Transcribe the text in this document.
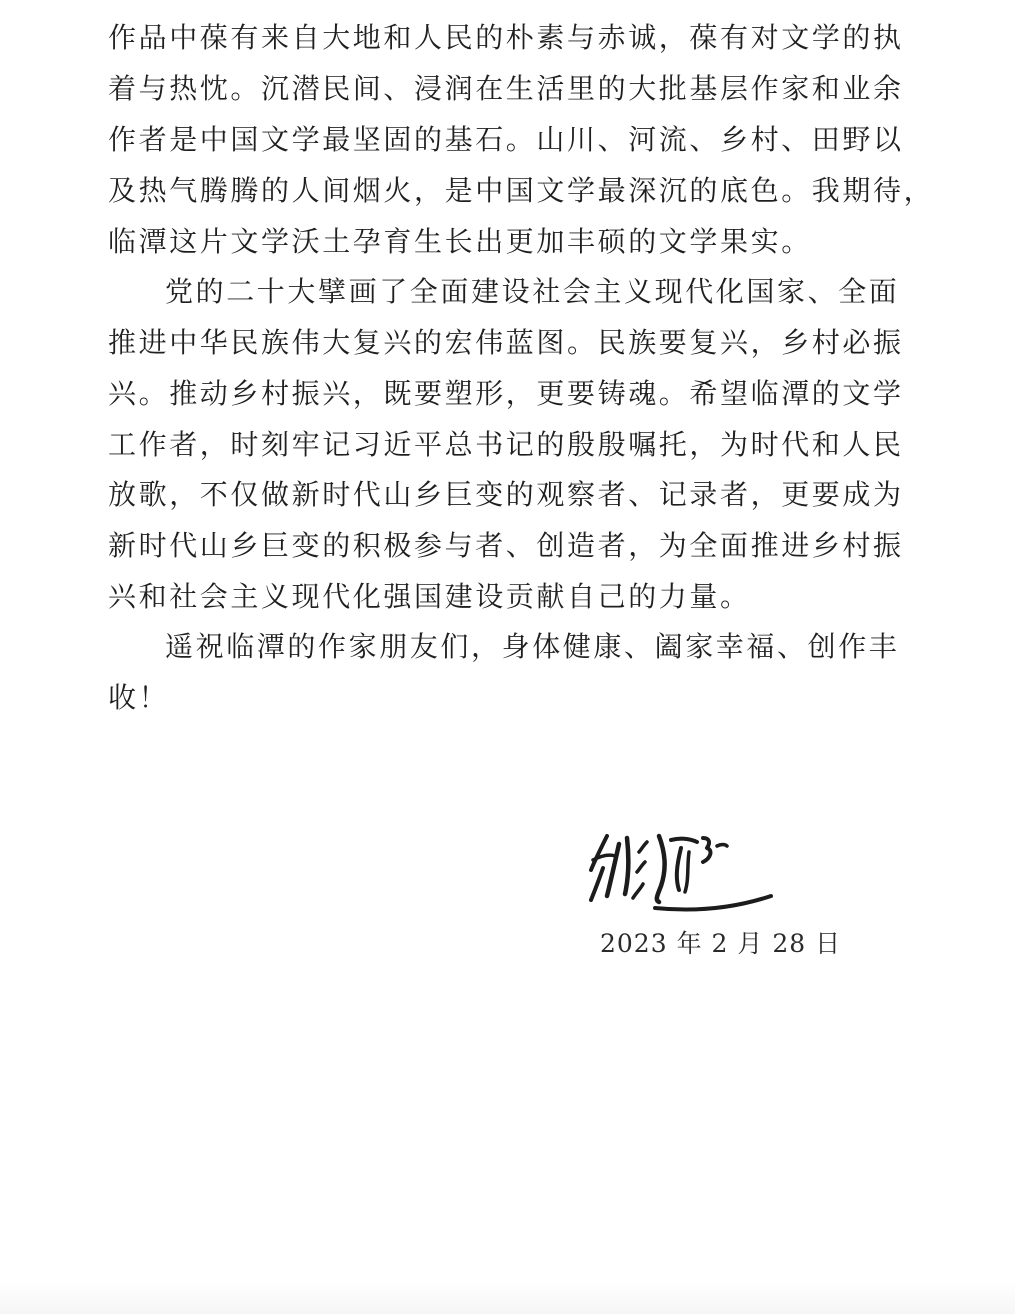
作品中葆有来自大地和人民的朴素与赤诚，葆有对文学的执
着与热忱。沉潜民间、浸润在生活里的大批基层作家和业余
作者是中国文学最坚固的基石。山川、河流、乡村、田野以
及热气腾腾的人间烟火，是中国文学最深沉的底色。我期待，
临潭这片文学沃土孕育生长出更加丰硕的文学果实。
党的二十大擘画了全面建设社会主义现代化国家、全面
推进中华民族伟大复兴的宏伟蓝图。民族要复兴，乡村必振
兴。推动乡村振兴，既要塑形，更要铸魂。希望临潭的文学
工作者，时刻牢记习近平总书记的殷殷嘱托，为时代和人民
放歌，不仅做新时代山乡巨变的观察者、记录者，更要成为
新时代山乡巨变的积极参与者、创造者，为全面推进乡村振
兴和社会主义现代化强国建设贡献自己的力量。
遥祝临潭的作家朋友们，身体健康、阖家幸福、创作丰
收！
2023 年 2 月 28 日
